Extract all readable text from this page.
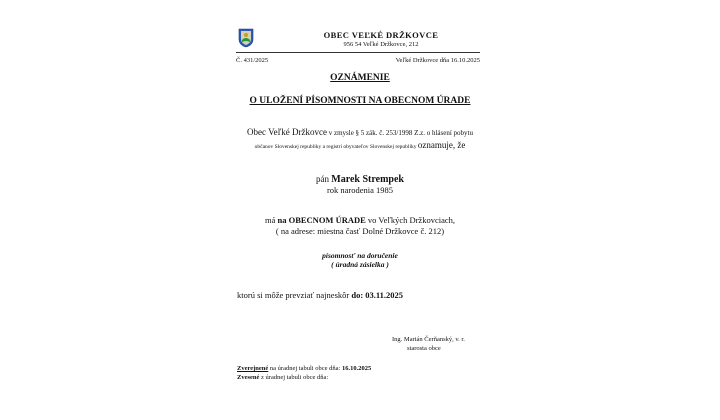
OBEC VEĽKÉ DRŽKOVCE
956 54 Veľké Držkovce, 212
Č. 431/2025	Veľké Držkovce dňa 16.10.2025
OZNÁMENIE
O ULOŽENÍ PÍSOMNOSTI NA OBECNOM ÚRADE
Obec Veľké Držkovce v zmysle § 5 zák. č. 253/1998 Z.z. o hlásení pobytu
občanov Slovenskej republiky a registri obyvateľov Slovenskej republiky oznamuje, že
pán Marek Strempek
rok narodenia 1985
má na OBECNOM ÚRADE vo Veľkých Držkovciach,
( na adrese: miestna časť Dolné Držkovce č. 212)
písomnosť na doručenie
( úradná zásielka )
ktorú si môže prevziať najneskôr do: 03.11.2025
Ing. Marián Čerňanský, v. r.
starosta obce
Zverejnené na úradnej tabuli obce dňa: 16.10.2025
Zvesené z úradnej tabuli obce dňa:
